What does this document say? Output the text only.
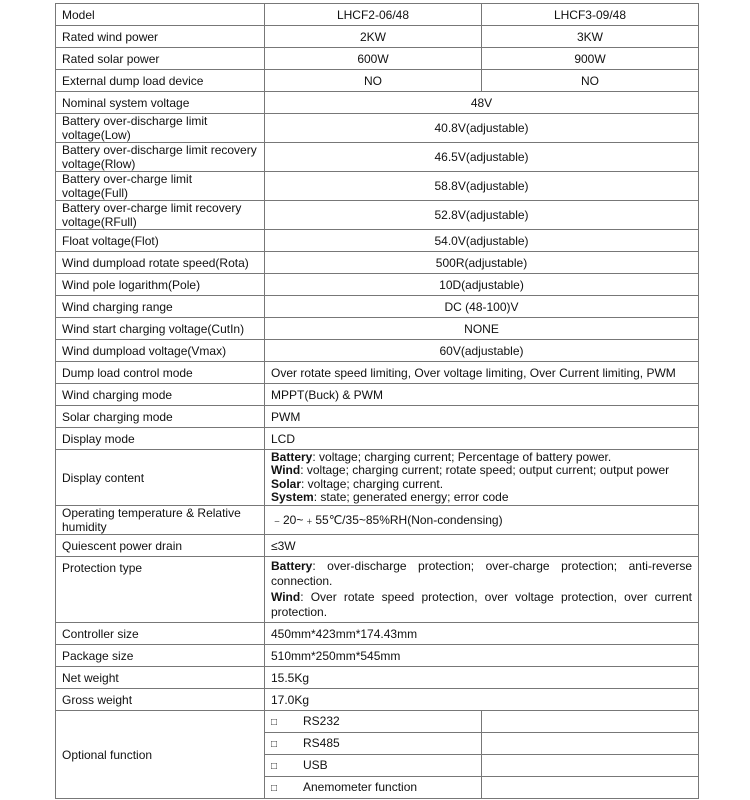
Model	LHCF2-06/48	LHCF3-09/48
Rated wind power	2KW	3KW
Rated solar power	600W	900W
External dump load device	NO	NO
Nominal system voltage	48V	
Battery over-discharge limit voltage(Low)	40.8V(adjustable)	
Battery over-discharge limit recovery voltage(Rlow)	46.5V(adjustable)	
Battery over-charge limit voltage(Full)	58.8V(adjustable)	
Battery over-charge limit recovery voltage(RFull)	52.8V(adjustable)	
Float voltage(Flot)	54.0V(adjustable)	
Wind dumpload rotate speed(Rota)	500R(adjustable)	
Wind pole logarithm(Pole)	10D(adjustable)	
Wind charging range	DC (48-100)V	
Wind start charging voltage(CutIn)	NONE	
Wind dumpload voltage(Vmax)	60V(adjustable)	
Dump load control mode	Over rotate speed limiting, Over voltage limiting, Over Current limiting, PWM	
Wind charging mode	MPPT(Buck) & PWM	
Solar charging mode	PWM	
Display mode	LCD	
Display content	Battery: voltage; charging current; Percentage of battery power.
Wind: voltage; charging current; rotate speed; output current; output power
Solar: voltage; charging current.
System: state; generated energy; error code	

Operating temperature & Relative humidity	﹣20~﹢55℃/35~85%RH(Non-condensing)	
Quiescent power drain	≤3W	
Protection type	Battery: over-discharge protection; over-charge protection; anti-reverse connection.
Wind: Over rotate speed protection, over voltage protection, over current protection.	

Controller size	450mm*423mm*174.43mm	
Package size	510mm*250mm*545mm	
Net weight	15.5Kg	
Gross weight	17.0Kg	
Optional function	□ RS232	
	□ RS485	
	□ USB	
	□ Anemometer function	
